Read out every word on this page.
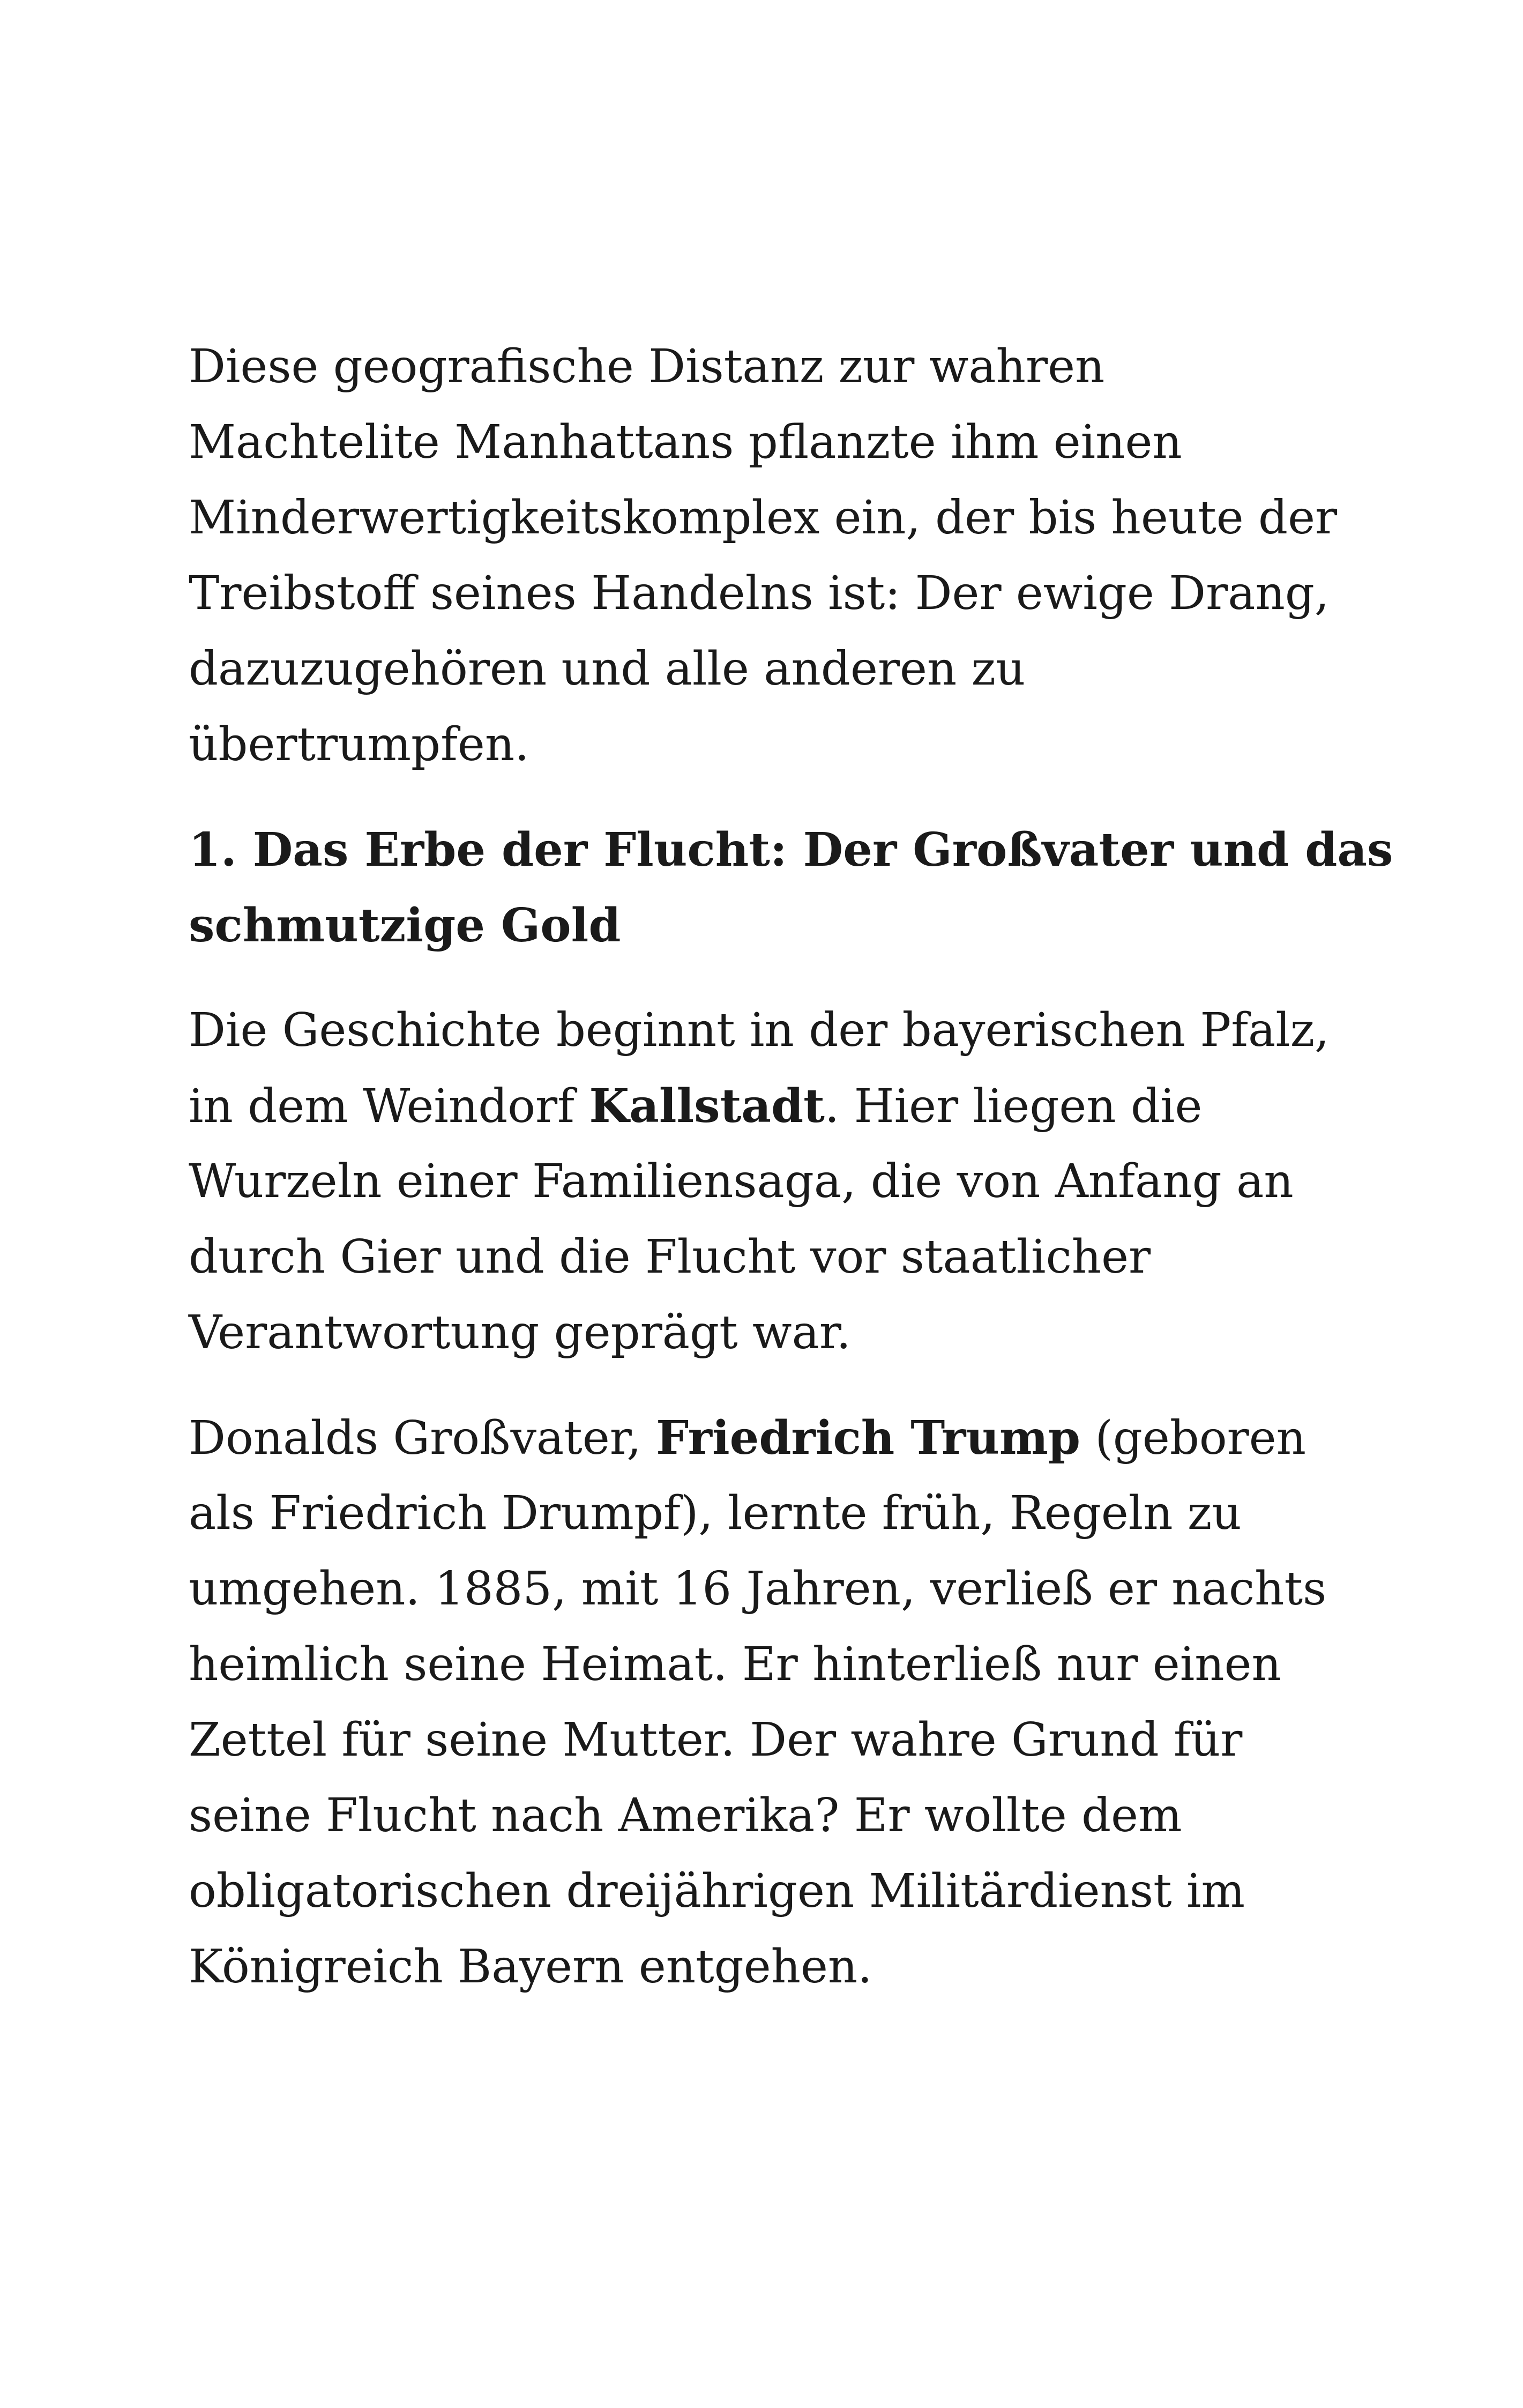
Diese geografische Distanz zur wahren
Machtelite Manhattans pflanzte ihm einen
Minderwertigkeitskomplex ein, der bis heute der
Treibstoff seines Handelns ist: Der ewige Drang,
dazuzugehören und alle anderen zu
übertrumpfen.
1. Das Erbe der Flucht: Der Großvater und das
schmutzige Gold
Die Geschichte beginnt in der bayerischen Pfalz,
in dem Weindorf Kallstadt. Hier liegen die
Wurzeln einer Familiensaga, die von Anfang an
durch Gier und die Flucht vor staatlicher
Verantwortung geprägt war.
Donalds Großvater, Friedrich Trump (geboren
als Friedrich Drumpf), lernte früh, Regeln zu
umgehen. 1885, mit 16 Jahren, verließ er nachts
heimlich seine Heimat. Er hinterließ nur einen
Zettel für seine Mutter. Der wahre Grund für
seine Flucht nach Amerika? Er wollte dem
obligatorischen dreijährigen Militärdienst im
Königreich Bayern entgehen.
